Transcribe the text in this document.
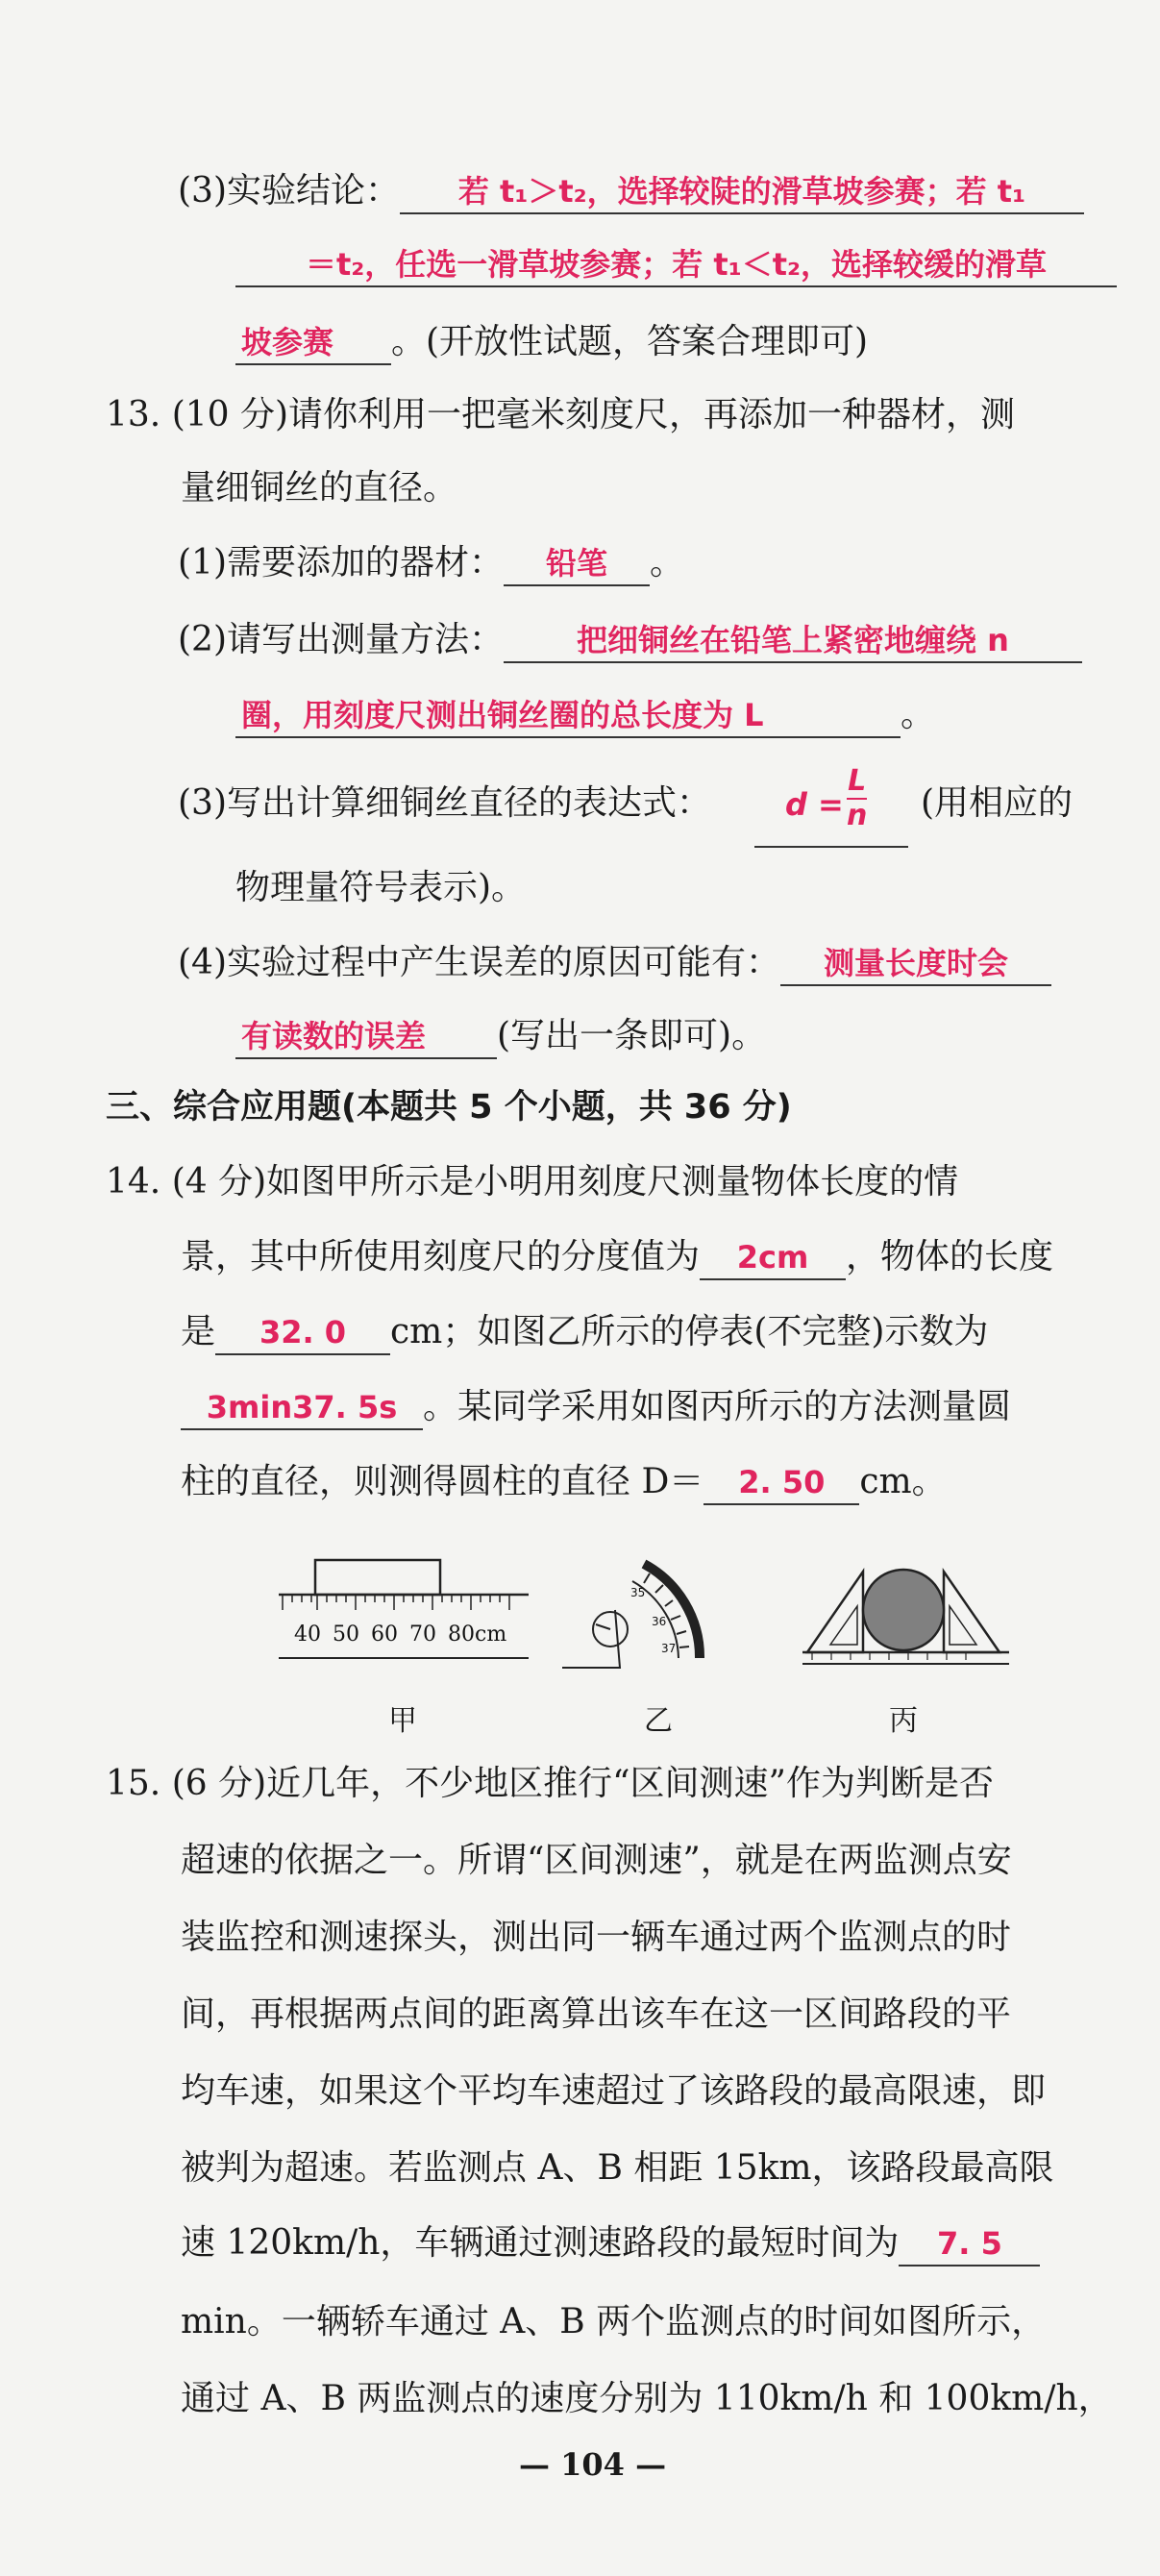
(3)实验结论： 若 t₁＞t₂，选择较陡的滑草坡参赛；若 t₁
＝t₂，任选一滑草坡参赛；若 t₁＜t₂，选择较缓的滑草
坡参赛 。(开放性试题，答案合理即可)
13. (10 分)请你利用一把毫米刻度尺，再添加一种器材，测
量细铜丝的直径。
(1)需要添加的器材： 铅笔 。
(2)请写出测量方法： 把细铜丝在铅笔上紧密地缠绕 n
圈，用刻度尺测出铜丝圈的总长度为 L	。
(3)写出计算细铜丝直径的表达式： $d = \frac{L}{n}$ (用相应的
物理量符号表示)。
(4)实验过程中产生误差的原因可能有： 测量长度时会
有读数的误差 (写出一条即可)。
三、综合应用题(本题共 5 个小题，共 36 分)
14. (4 分)如图甲所示是小明用刻度尺测量物体长度的情
景，其中所使用刻度尺的分度值为 2cm ，物体的长度
是 32. 0 cm；如图乙所示的停表(不完整)示数为
3min37. 5s 。某同学采用如图丙所示的方法测量圆
柱的直径，则测得圆柱的直径 D＝ 2. 50 cm。
40 50 60 70 80cm
35
36
37
甲	乙	丙
15. (6 分)近几年，不少地区推行“区间测速”作为判断是否
超速的依据之一。所谓“区间测速”，就是在两监测点安
装监控和测速探头，测出同一辆车通过两个监测点的时
间，再根据两点间的距离算出该车在这一区间路段的平
均车速，如果这个平均车速超过了该路段的最高限速，即
被判为超速。若监测点 A、B 相距 15km，该路段最高限
速 120km/h，车辆通过测速路段的最短时间为 7. 5
min。一辆轿车通过 A、B 两个监测点的时间如图所示，
通过 A、B 两监测点的速度分别为 110km/h 和 100km/h，
— 104 —
